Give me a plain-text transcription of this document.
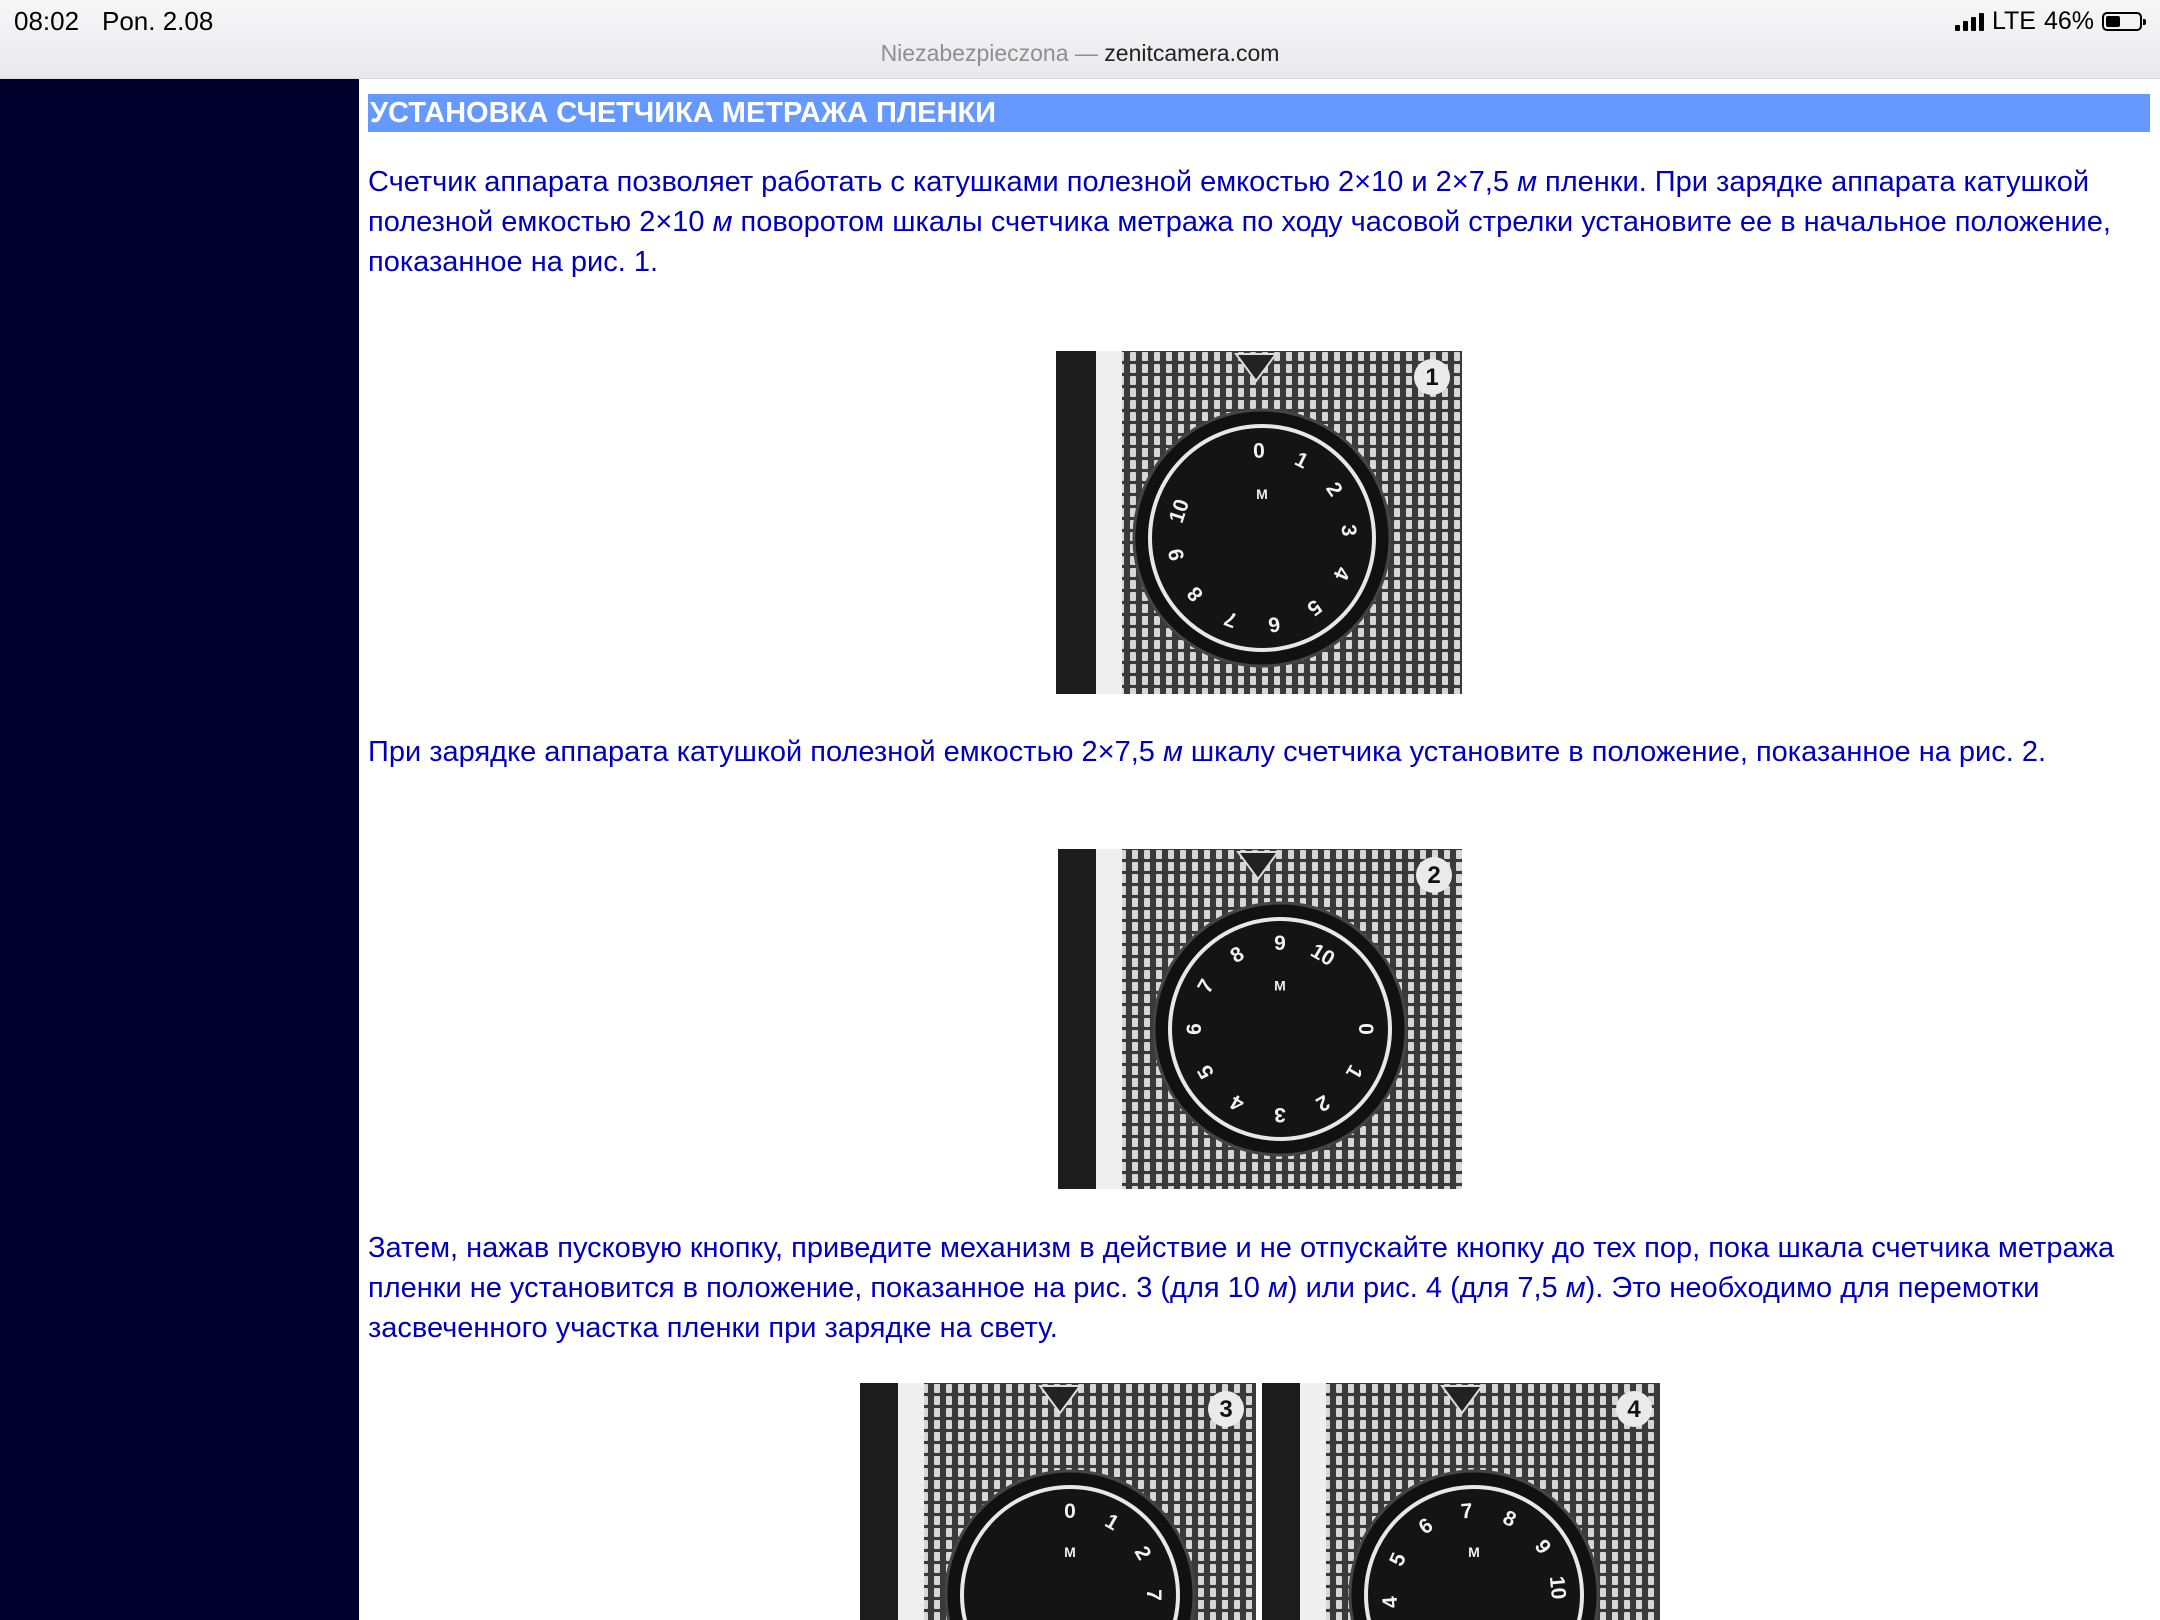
08:02 Pon. 2.08	LTE 46%
Niezabezpieczona — zenitcamera.com
УСТАНОВКА СЧЕТЧИКА МЕТРАЖА ПЛЕНКИ

Счетчик аппарата позволяет работать с катушками полезной емкостью 2×10 и 2×7,5 м пленки. При зарядке аппарата катушкой полезной емкостью 2×10 м поворотом шкалы счетчика метража по ходу часовой стрелки установите ее в начальное положение, показанное на рис. 1.

1
М
0 1
2
3
4
5
6
7
8
9
10

При зарядке аппарата катушкой полезной емкостью 2×7,5 м шкалу счетчика установите в положение, показанное на рис. 2.

2
М
0
1
2
3
4
5
6
7
8 9 10

Затем, нажав пусковую кнопку, приведите механизм в действие и не отпускайте кнопку до тех пор, пока шкала счетчика метража пленки не установится в положение, показанное на рис. 3 (для 10 м) или рис. 4 (для 7,5 м). Это необходимо для перемотки засвеченного участка пленки при зарядке на свету.

3
М
0 1
2
7
4
М
4
5
6
7 8
9
10
